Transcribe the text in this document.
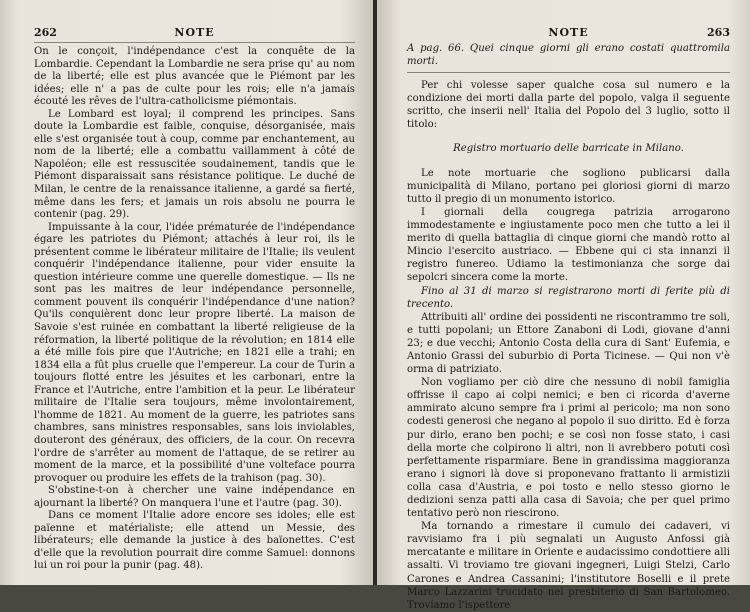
262	NOTE

On le conçoit, l'indépendance c'est la conquête de la Lombardie. Cependant la Lombardie ne sera prise qu' au nom de la liberté; elle est plus avancée que le Piémont par les idées; elle n' a pas de culte pour les rois; elle n'a jamais écouté les rêves de l'ultra-catholicisme piémontais.

Le Lombard est loyal; il comprend les principes. Sans doute la Lombardie est faible, conquise, désorganisée, mais elle s'est organisée tout à coup, comme par enchantement, au nom de la liberté; elle a combattu vaillamment à côté de Napoléon; elle est ressuscitée soudainement, tandis que le Piémont disparaissait sans résistance politique. Le duché de Milan, le centre de la renaissance italienne, a gardé sa fierté, même dans les fers; et jamais un rois absolu ne pourra le contenir (pag. 29).

Impuissante à la cour, l'idée prématurée de l'indépendance égare les patriotes du Piémont; attachés à leur roi, ils le présentent comme le libérateur militaire de l'Italie; ils veulent conquérir l'indépendance italienne, pour vider ensuite la question intérieure comme une querelle domestique. — Ils ne sont pas les maitres de leur indépendance personnelle, comment pouvent ils conquérir l'indépendance d'une nation? Qu'ils conquièrent donc leur propre liberté. La maison de Savoie s'est ruinée en combattant la liberté religieuse de la réformation, la liberté politique de la révolution; en 1814 elle a été mille fois pire que l'Autriche; en 1821 elle a trahi; en 1834 ella a fût plus cruelle que l'empereur. La cour de Turin a toujours flotté entre les jésuites et les carbonari, entre la France et l'Autriche, entre l'ambition et la peur. Le libérateur militaire de l'Italie sera toujours, même involontairement, l'homme de 1821. Au moment de la guerre, les patriotes sans chambres, sans ministres responsables, sans lois inviolables, douteront des généraux, des officiers, de la cour. On recevra l'ordre de s'arrêter au moment de l'attaque, de se retirer au moment de la marce, et la possibilité d'une volteface pourra provoquer ou produire les effets de la trahison (pag. 30).

S'obstine-t-on à chercher une vaine indépendance en ajournant la liberté? On manquera l'une et l'autre (pag. 30).

Dans ce moment l'Italie adore encore ses idoles; elle est païenne et matérialiste; elle attend un Messie, des libérateurs; elle demande la justice à des baïonettes. C'est d'elle que la revolution pourrait dire comme Samuel: donnons lui un roi pour la punir (pag. 48).

NOTE	263

A pag. 66. Quei cinque giorni gli erano costati quattromila morti.

Per chi volesse saper qualche cosa sul numero e la condizione dei morti dalla parte del popolo, valga il seguente scritto, che inserii nell' Italia del Popolo del 3 luglio, sotto il titolo:

Registro mortuario delle barricate in Milano.

Le note mortuarie che sogliono publicarsi dalla municipalità di Milano, portano pei gloriosi giorni di marzo tutto il pregio di un monumento istorico.

I giornali della cougrega patrizia arrogarono immodestamente e ingiustamente poco men che tutto a lei il merito di quella battaglia di cinque giorni che mandò rotto al Mincio l'esercito austriaco. — Ebbene qui ci sta innanzi il registro funereo. Udiamo la testimonianza che sorge dai sepolcri sincera come la morte.

Fino al 31 di marzo si registrarono morti di ferite più di trecento.

Attribuiti all' ordine dei possidenti ne riscontrammo tre soli, e tutti popolani; un Ettore Zanaboni di Lodi, giovane d'anni 23; e due vecchi; Antonio Costa della cura di Sant' Eufemia, e Antonio Grassi del suburbio di Porta Ticinese. — Qui non v'è orma di patriziato.

Non vogliamo per ciò dire che nessuno di nobil famiglia offrisse il capo ai colpi nemici; e ben ci ricorda d'averne ammirato alcuno sempre fra i primi al pericolo; ma non sono codesti generosi che negano al popolo il suo diritto. Ed è forza pur dirlo, erano ben pochi; e se così non fosse stato, i casi della morte che colpirono li altri, non li avrebbero potuti così perfettamente risparmiare. Bene in grandissima maggioranza erano i signori là dove si proponevano frattanto li armistizii colla casa d'Austria, e poi tosto e nello stesso giorno le dedizioni senza patti alla casa di Savoia; che per quel primo tentativo però non riescirono.

Ma tornando a rimestare il cumulo dei cadaveri, vi ravvisiamo fra i più segnalati un Augusto Anfossi già mercatante e militare in Oriente e audacissimo condottiere alli assalti. Vi troviamo tre giovani ingegneri, Luigi Stelzi, Carlo Carones e Andrea Cassanini; l'institutore Boselli e il prete Marco Lazzarini trucidato nel presbiterio di San Bartolomeo. Troviamo l'ispettore
